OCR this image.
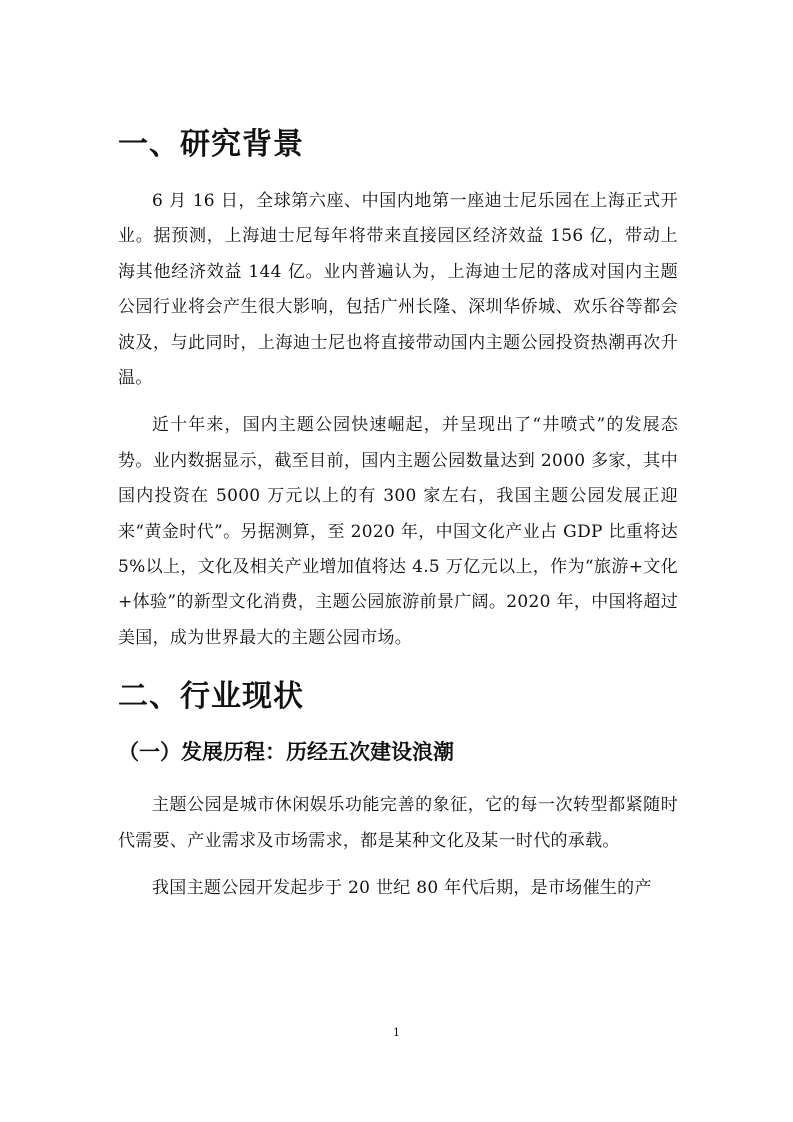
一、研究背景

6 月 16 日，全球第六座、中国内地第一座迪士尼乐园在上海正式开业。据预测，上海迪士尼每年将带来直接园区经济效益 156 亿，带动上海其他经济效益 144 亿。业内普遍认为，上海迪士尼的落成对国内主题公园行业将会产生很大影响，包括广州长隆、深圳华侨城、欢乐谷等都会波及，与此同时，上海迪士尼也将直接带动国内主题公园投资热潮再次升温。

近十年来，国内主题公园快速崛起，并呈现出了“井喷式”的发展态势。业内数据显示，截至目前，国内主题公园数量达到 2000 多家，其中国内投资在 5000 万元以上的有 300 家左右，我国主题公园发展正迎来“黄金时代”。另据测算，至 2020 年，中国文化产业占 GDP 比重将达 5%以上，文化及相关产业增加值将达 4.5 万亿元以上，作为“旅游+文化+体验”的新型文化消费，主题公园旅游前景广阔。2020 年，中国将超过美国，成为世界最大的主题公园市场。

二、行业现状
（一）发展历程：历经五次建设浪潮

主题公园是城市休闲娱乐功能完善的象征，它的每一次转型都紧随时代需要、产业需求及市场需求，都是某种文化及某一时代的承载。

我国主题公园开发起步于 20 世纪 80 年代后期，是市场催生的产

1
